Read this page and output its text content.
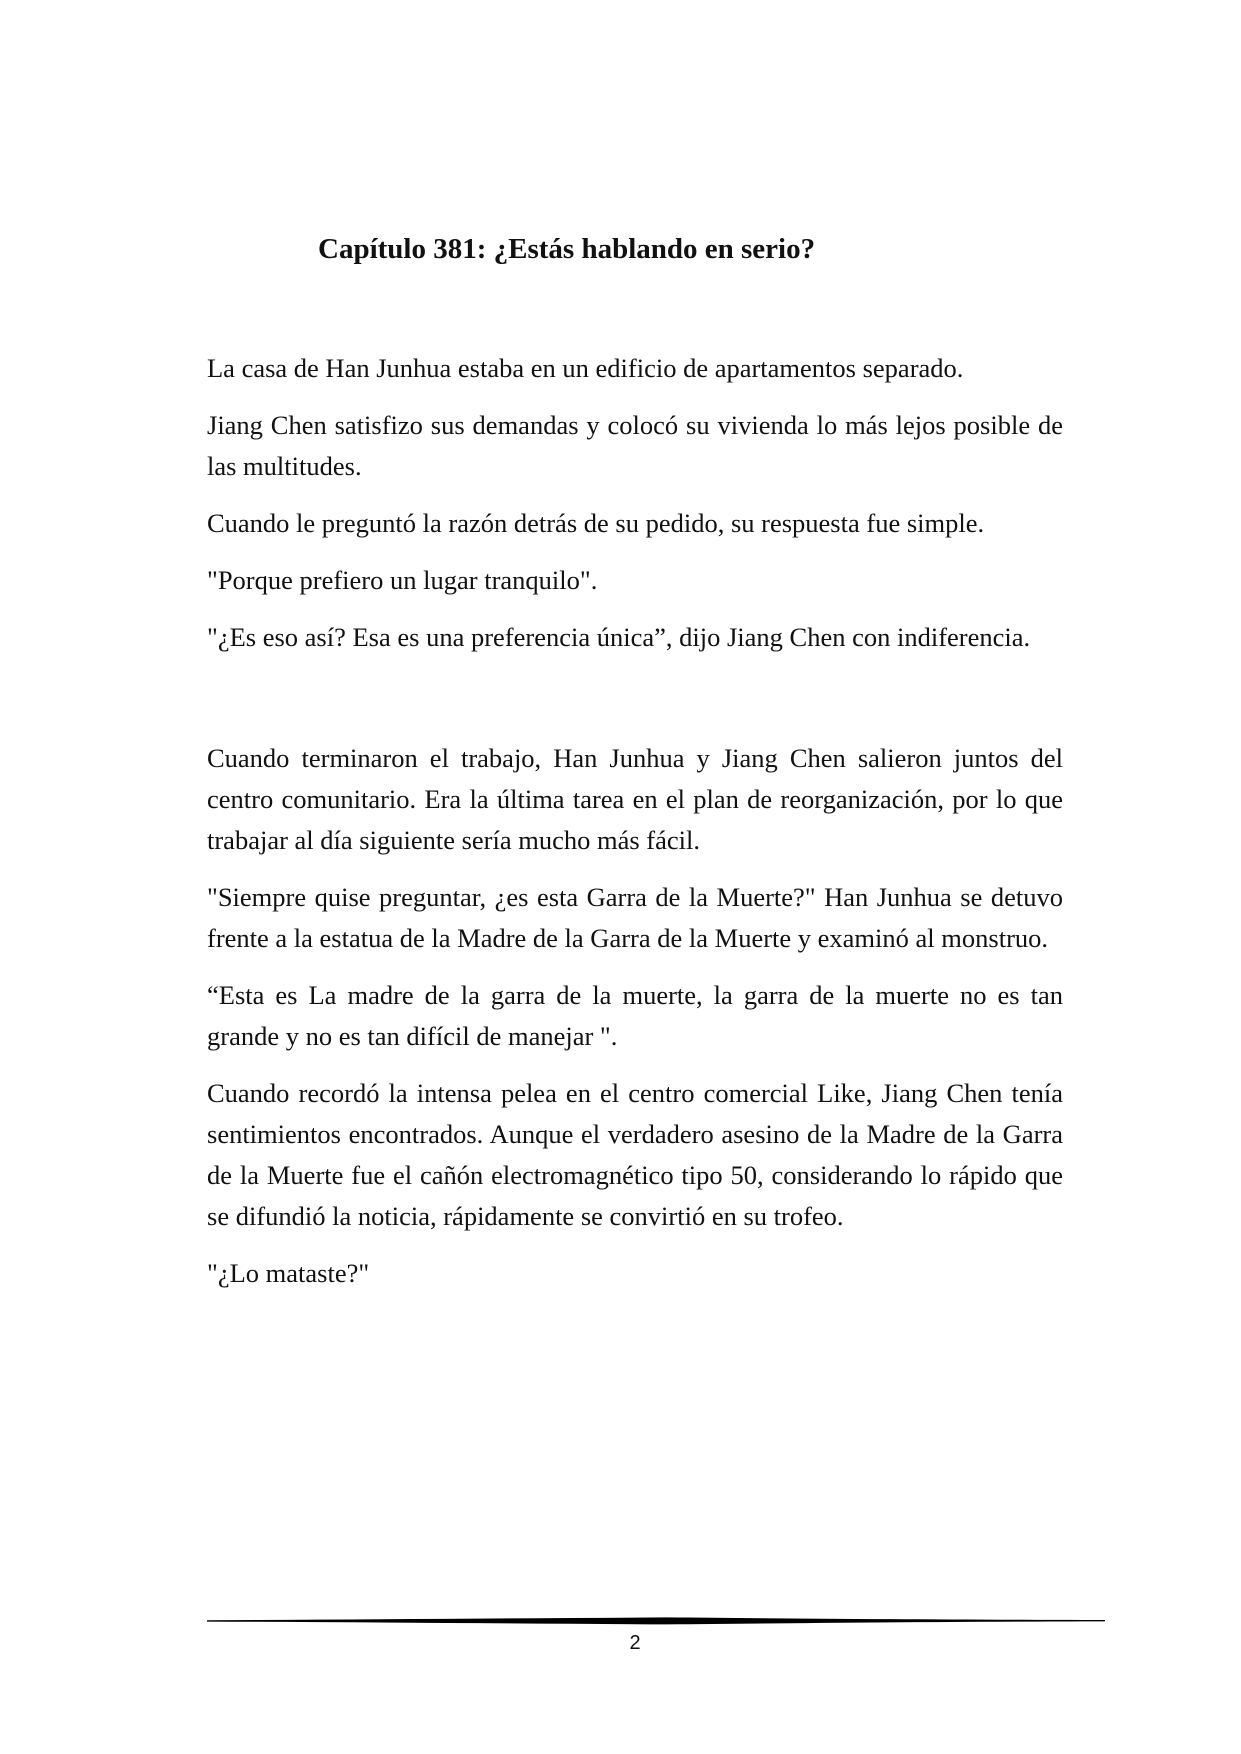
Capítulo 381: ¿Estás hablando en serio?

La casa de Han Junhua estaba en un edificio de apartamentos separado.

Jiang Chen satisfizo sus demandas y colocó su vivienda lo más lejos posible de las multitudes.

Cuando le preguntó la razón detrás de su pedido, su respuesta fue simple.

"Porque prefiero un lugar tranquilo".

"¿Es eso así? Esa es una preferencia única”, dijo Jiang Chen con indiferencia.

Cuando terminaron el trabajo, Han Junhua y Jiang Chen salieron juntos del centro comunitario. Era la última tarea en el plan de reorganización, por lo que trabajar al día siguiente sería mucho más fácil.

"Siempre quise preguntar, ¿es esta Garra de la Muerte?" Han Junhua se detuvo frente a la estatua de la Madre de la Garra de la Muerte y examinó al monstruo.

“Esta es La madre de la garra de la muerte, la garra de la muerte no es tan grande y no es tan difícil de manejar ".

Cuando recordó la intensa pelea en el centro comercial Like, Jiang Chen tenía sentimientos encontrados. Aunque el verdadero asesino de la Madre de la Garra de la Muerte fue el cañón electromagnético tipo 50, considerando lo rápido que se difundió la noticia, rápidamente se convirtió en su trofeo.

"¿Lo mataste?"

2
